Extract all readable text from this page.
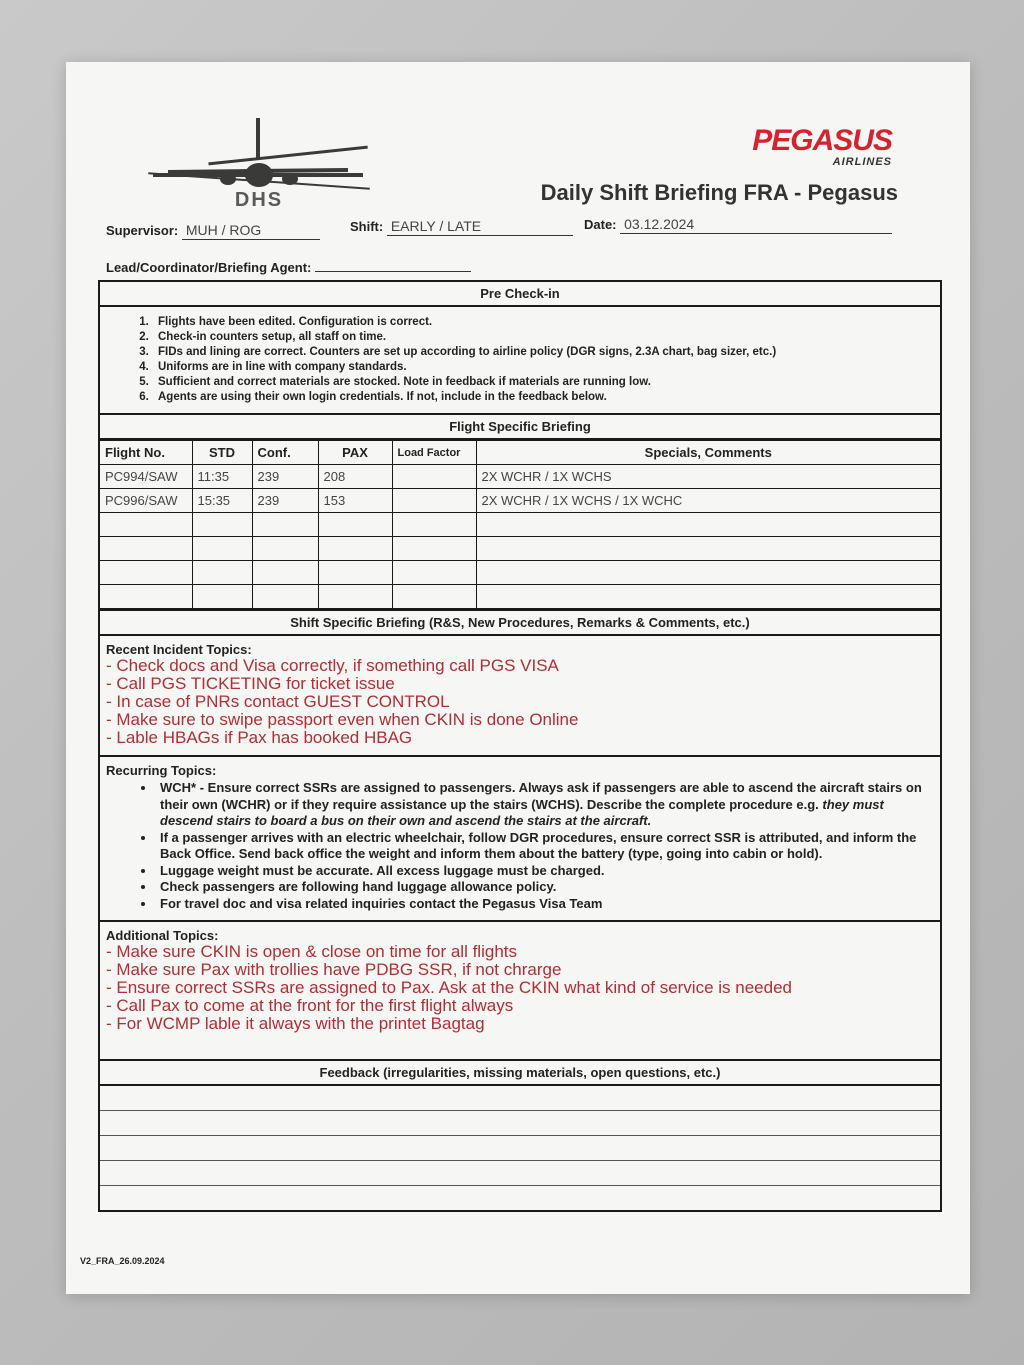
DHS
PEGASUS
AIRLINES
Daily Shift Briefing FRA - Pegasus
Supervisor: MUH / ROG	Shift: EARLY / LATE	Date: 03.12.2024
Lead/Coordinator/Briefing Agent:
Pre Check-in
1. Flights have been edited. Configuration is correct.
2. Check-in counters setup, all staff on time.
3. FIDs and lining are correct. Counters are set up according to airline policy (DGR signs, 2.3A chart, bag sizer, etc.)
4. Uniforms are in line with company standards.
5. Sufficient and correct materials are stocked. Note in feedback if materials are running low.
6. Agents are using their own login credentials. If not, include in the feedback below.
Flight Specific Briefing
Flight No.	STD	Conf.	PAX	Load Factor	Specials, Comments
PC994/SAW	11:35	239	208		2X WCHR / 1X WCHS
PC996/SAW	15:35	239	153		2X WCHR / 1X WCHS / 1X WCHC

Shift Specific Briefing (R&S, New Procedures, Remarks & Comments, etc.)
Recent Incident Topics:
- Check docs and Visa correctly, if something call PGS VISA
- Call PGS TICKETING for ticket issue
- In case of PNRs contact GUEST CONTROL
- Make sure to swipe passport even when CKIN is done Online
- Lable HBAGs if Pax has booked HBAG
Recurring Topics:
• WCH* - Ensure correct SSRs are assigned to passengers. Always ask if passengers are able to ascend the aircraft stairs on their own (WCHR) or if they require assistance up the stairs (WCHS). Describe the complete procedure e.g. they must descend stairs to board a bus on their own and ascend the stairs at the aircraft.
• If a passenger arrives with an electric wheelchair, follow DGR procedures, ensure correct SSR is attributed, and inform the Back Office. Send back office the weight and inform them about the battery (type, going into cabin or hold).
• Luggage weight must be accurate. All excess luggage must be charged.
• Check passengers are following hand luggage allowance policy.
• For travel doc and visa related inquiries contact the Pegasus Visa Team
Additional Topics:
- Make sure CKIN is open & close on time for all flights
- Make sure Pax with trollies have PDBG SSR, if not chrarge
- Ensure correct SSRs are assigned to Pax. Ask at the CKIN what kind of service is needed
- Call Pax to come at the front for the first flight always
- For WCMP lable it always with the printet Bagtag
Feedback (irregularities, missing materials, open questions, etc.)
V2_FRA_26.09.2024
